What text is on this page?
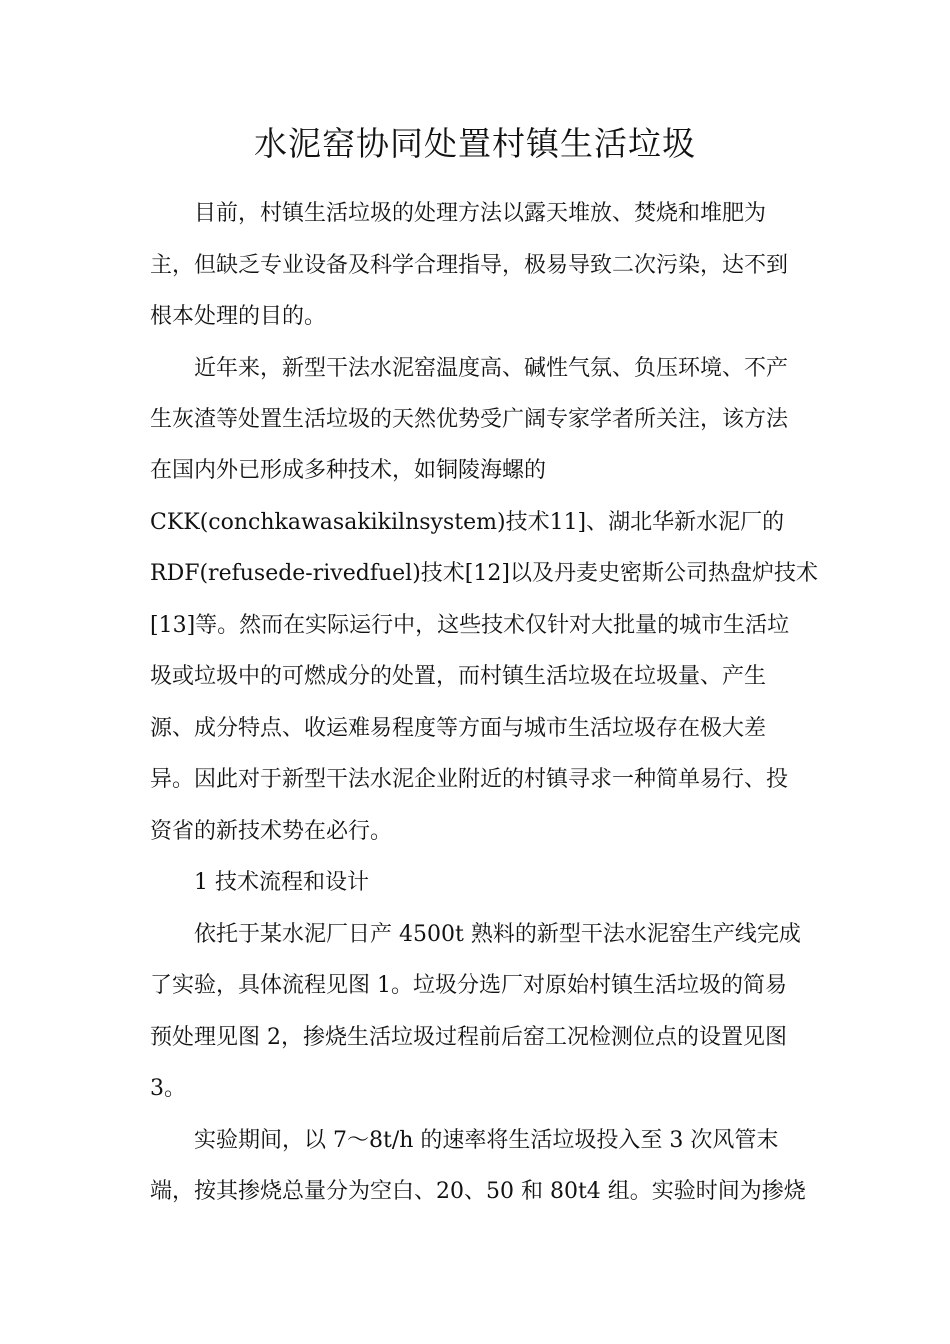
水泥窑协同处置村镇生活垃圾
目前，村镇生活垃圾的处理方法以露天堆放、焚烧和堆肥为
主，但缺乏专业设备及科学合理指导，极易导致二次污染，达不到
根本处理的目的。
近年来，新型干法水泥窑温度高、碱性气氛、负压环境、不产
生灰渣等处置生活垃圾的天然优势受广阔专家学者所关注，该方法
在国内外已形成多种技术，如铜陵海螺的
CKK(conchkawasakikilnsystem)技术11]、湖北华新水泥厂的
RDF(refusede-rivedfuel)技术[12]以及丹麦史密斯公司热盘炉技术
[13]等。然而在实际运行中，这些技术仅针对大批量的城市生活垃
圾或垃圾中的可燃成分的处置，而村镇生活垃圾在垃圾量、产生
源、成分特点、收运难易程度等方面与城市生活垃圾存在极大差
异。因此对于新型干法水泥企业附近的村镇寻求一种简单易行、投
资省的新技术势在必行。
1 技术流程和设计
依托于某水泥厂日产 4500t 熟料的新型干法水泥窑生产线完成
了实验，具体流程见图 1。垃圾分选厂对原始村镇生活垃圾的简易
预处理见图 2，掺烧生活垃圾过程前后窑工况检测位点的设置见图
3。
实验期间，以 7～8t/h 的速率将生活垃圾投入至 3 次风管末
端，按其掺烧总量分为空白、20、50 和 80t4 组。实验时间为掺烧
